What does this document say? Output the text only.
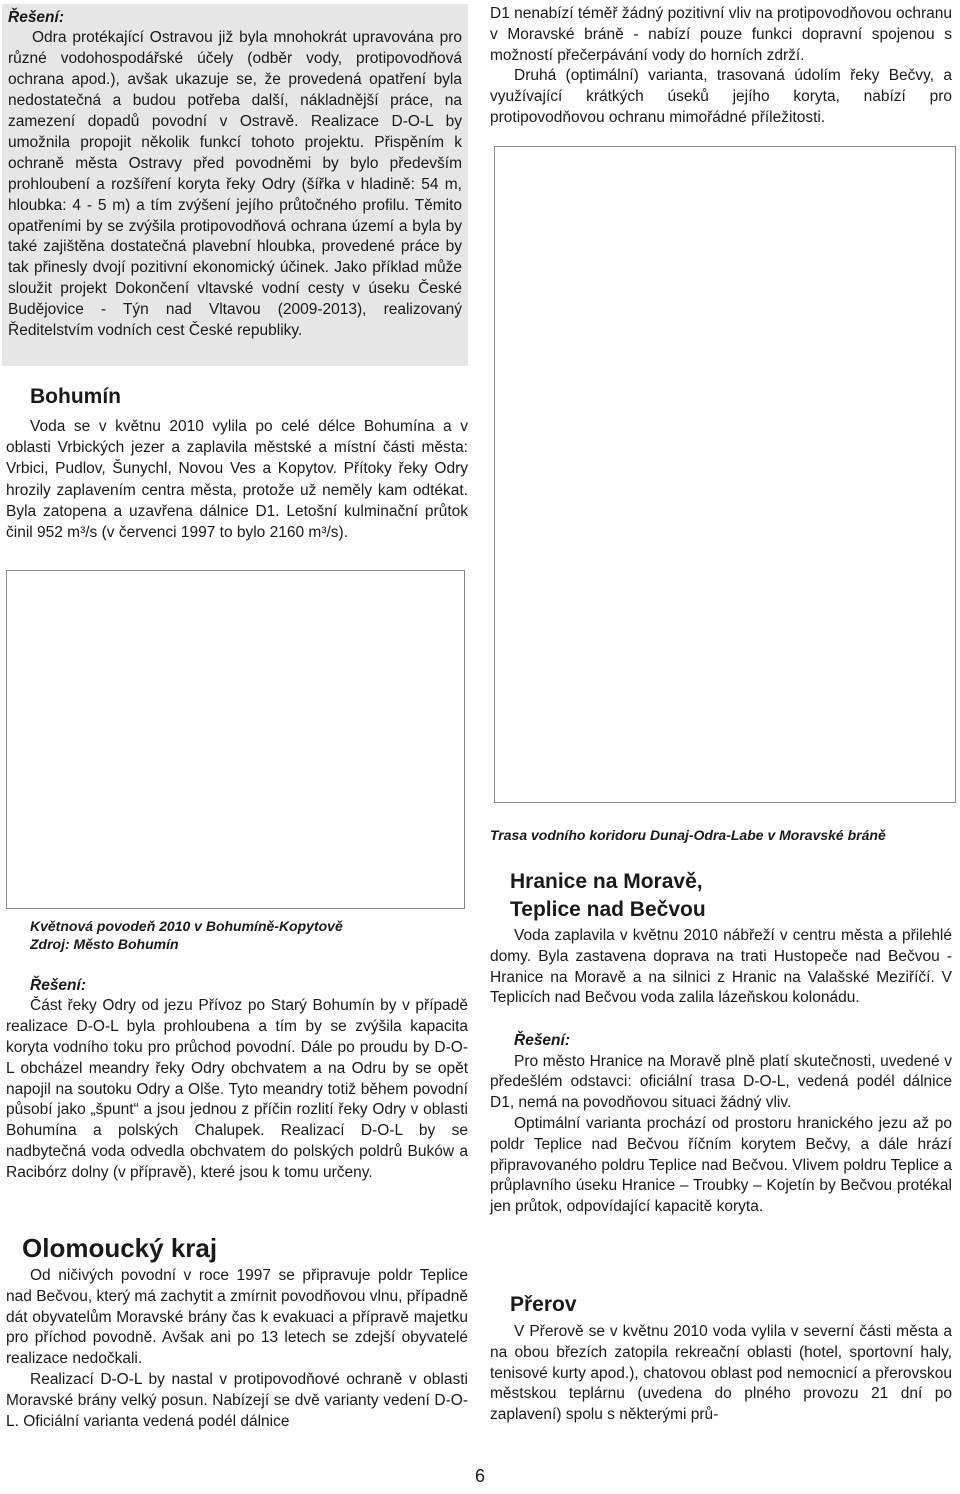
Řešení:

Odra protékající Ostravou již byla mnohokrát upravována pro různé vodohospodářské účely (odběr vody, protipovodňová ochrana apod.), avšak ukazuje se, že provedená opatření byla nedostatečná a budou potřeba další, nákladnější práce, na zamezení dopadů povodní v Ostravě. Realizace D-O-L by umožnila propojit několik funkcí tohoto projektu. Přispěním k ochraně města Ostravy před povodněmi by bylo především prohloubení a rozšíření koryta řeky Odry (šířka v hladině: 54 m, hloubka: 4 - 5 m) a tím zvýšení jejího průtočného profilu. Těmito opatřeními by se zvýšila protipovodňová ochrana území a byla by také zajištěna dostatečná plavební hloubka, provedené práce by tak přinesly dvojí pozitivní ekonomický účinek. Jako příklad může sloužit projekt Dokončení vltavské vodní cesty v úseku České Budějovice - Týn nad Vltavou (2009-2013), realizovaný Ředitelstvím vodních cest České republiky.

Bohumín

Voda se v květnu 2010 vylila po celé délce Bohumína a v oblasti Vrbických jezer a zaplavila městské a místní části města: Vrbici, Pudlov, Šunychl, Novou Ves a Kopytov. Přítoky řeky Odry hrozily zaplavením centra města, protože už neměly kam odtékat. Byla zatopena a uzavřena dálnice D1. Letošní kulminační průtok činil 952 m³/s (v červenci 1997 to bylo 2160 m³/s).

Květnová povodeň 2010 v Bohumíně-Kopytově
Zdroj: Město Bohumín
Řešení:

Část řeky Odry od jezu Přívoz po Starý Bohumín by v případě realizace D-O-L byla prohloubena a tím by se zvýšila kapacita koryta vodního toku pro průchod povodní. Dále po proudu by D-O-L obcházel meandry řeky Odry obchvatem a na Odru by se opět napojil na soutoku Odry a Olše. Tyto meandry totiž během povodní působí jako „špunt“ a jsou jednou z příčin rozlití řeky Odry v oblasti Bohumína a polských Chalupek. Realizací D-O-L by se nadbytečná voda odvedla obchvatem do polských poldrů Buków a Racibórz dolny (v přípravě), které jsou k tomu určeny.

Olomoucký kraj

Od ničivých povodní v roce 1997 se připravuje poldr Teplice nad Bečvou, který má zachytit a zmírnit povodňovou vlnu, případně dát obyvatelům Moravské brány čas k evakuaci a přípravě majetku pro příchod povodně. Avšak ani po 13 letech se zdejší obyvatelé realizace nedočkali.

Realizací D-O-L by nastal v protipovodňové ochraně v oblasti Moravské brány velký posun. Nabízejí se dvě varianty vedení D-O-L. Oficiální varianta vedená podél dálnice

D1 nenabízí téměř žádný pozitivní vliv na protipovodňovou ochranu v Moravské bráně - nabízí pouze funkci dopravní spojenou s možností přečerpávání vody do horních zdrží.

Druhá (optimální) varianta, trasovaná údolím řeky Bečvy, a využívající krátkých úseků jejího koryta, nabízí pro protipovodňovou ochranu mimořádné příležitosti.

Trasa vodního koridoru Dunaj-Odra-Labe v Moravské bráně
Hranice na Moravě,
Teplice nad Bečvou

Voda zaplavila v květnu 2010 nábřeží v centru města a přilehlé domy. Byla zastavena doprava na trati Hustopeče nad Bečvou - Hranice na Moravě a na silnici z Hranic na Valašské Meziříčí. V Teplicích nad Bečvou voda zalila lázeňskou kolonádu.

Řešení:

Pro město Hranice na Moravě plně platí skutečnosti, uvedené v předešlém odstavci: oficiální trasa D-O-L, vedená podél dálnice D1, nemá na povodňovou situaci žádný vliv.

Optimální varianta prochází od prostoru hranického jezu až po poldr Teplice nad Bečvou říčním korytem Bečvy, a dále hrází připravovaného poldru Teplice nad Bečvou. Vlivem poldru Teplice a průplavního úseku Hranice – Troubky – Kojetín by Bečvou protékal jen průtok, odpovídající kapacitě koryta.

Přerov

V Přerově se v květnu 2010 voda vylila v severní části města a na obou březích zatopila rekreační oblasti (hotel, sportovní haly, tenisové kurty apod.), chatovou oblast pod nemocnicí a přerovskou městskou teplárnu (uvedena do plného provozu 21 dní po zaplavení) spolu s některými prů-

6
